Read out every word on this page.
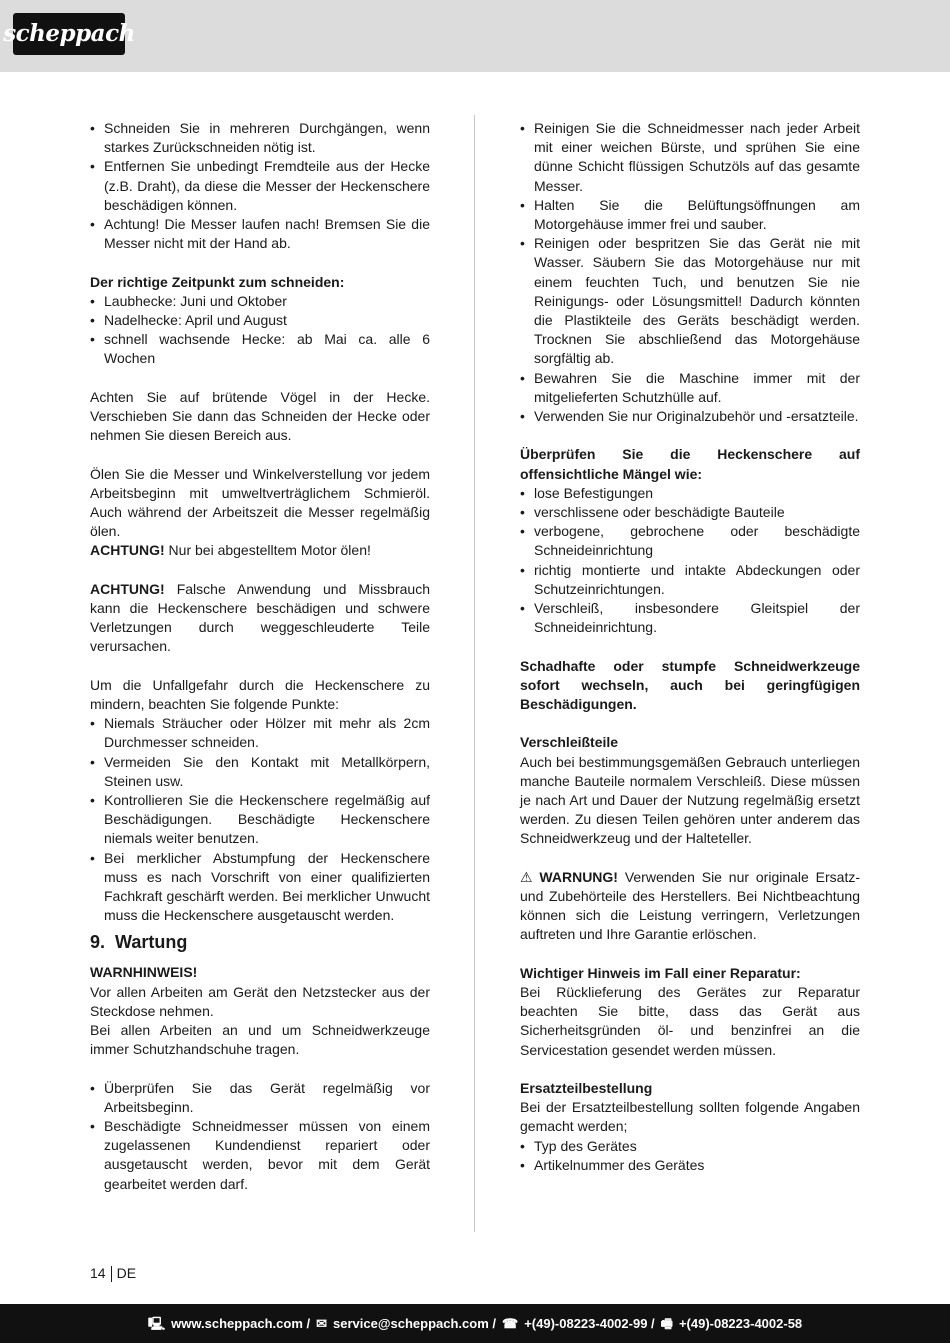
scheppach
• Schneiden Sie in mehreren Durchgängen, wenn starkes Zurückschneiden nötig ist.
• Entfernen Sie unbedingt Fremdteile aus der Hecke (z.B. Draht), da diese die Messer der Heckenschere beschädigen können.
• Achtung! Die Messer laufen nach! Bremsen Sie die Messer nicht mit der Hand ab.

Der richtige Zeitpunkt zum schneiden:

• Laubhecke: Juni und Oktober
• Nadelhecke: April und August
• schnell wachsende Hecke: ab Mai ca. alle 6 Wochen

Achten Sie auf brütende Vögel in der Hecke. Verschieben Sie dann das Schneiden der Hecke oder nehmen Sie diesen Bereich aus.

Ölen Sie die Messer und Winkelverstellung vor jedem Arbeitsbeginn mit umweltverträglichem Schmieröl. Auch während der Arbeitszeit die Messer regelmäßig ölen.

ACHTUNG! Nur bei abgestelltem Motor ölen!

ACHTUNG! Falsche Anwendung und Missbrauch kann die Heckenschere beschädigen und schwere Verletzungen durch weggeschleuderte Teile verursachen.

Um die Unfallgefahr durch die Heckenschere zu mindern, beachten Sie folgende Punkte:

• Niemals Sträucher oder Hölzer mit mehr als 2cm Durchmesser schneiden.
• Vermeiden Sie den Kontakt mit Metallkörpern, Steinen usw.
• Kontrollieren Sie die Heckenschere regelmäßig auf Beschädigungen. Beschädigte Heckenschere niemals weiter benutzen.
• Bei merklicher Abstumpfung der Heckenschere muss es nach Vorschrift von einer qualifizierten Fachkraft geschärft werden. Bei merklicher Unwucht muss die Heckenschere ausgetauscht werden.
9. Wartung

WARNHINWEIS!

Vor allen Arbeiten am Gerät den Netzstecker aus der Steckdose nehmen.

Bei allen Arbeiten an und um Schneidwerkzeuge immer Schutzhandschuhe tragen.

• Überprüfen Sie das Gerät regelmäßig vor Arbeitsbeginn.
• Beschädigte Schneidmesser müssen von einem zugelassenen Kundendienst repariert oder ausgetauscht werden, bevor mit dem Gerät gearbeitet werden darf.
• Reinigen Sie die Schneidmesser nach jeder Arbeit mit einer weichen Bürste, und sprühen Sie eine dünne Schicht flüssigen Schutzöls auf das gesamte Messer.
• Halten Sie die Belüftungsöffnungen am Motorgehäuse immer frei und sauber.
• Reinigen oder bespritzen Sie das Gerät nie mit Wasser. Säubern Sie das Motorgehäuse nur mit einem feuchten Tuch, und benutzen Sie nie Reinigungs- oder Lösungsmittel! Dadurch könnten die Plastikteile des Geräts beschädigt werden. Trocknen Sie abschließend das Motorgehäuse sorgfältig ab.
• Bewahren Sie die Maschine immer mit der mitgelieferten Schutzhülle auf.
• Verwenden Sie nur Originalzubehör und -ersatzteile.

Überprüfen Sie die Heckenschere auf offensichtliche Mängel wie:

• lose Befestigungen
• verschlissene oder beschädigte Bauteile
• verbogene, gebrochene oder beschädigte Schneideinrichtung
• richtig montierte und intakte Abdeckungen oder Schutzeinrichtungen.
• Verschleiß, insbesondere Gleitspiel der Schneideinrichtung.

Schadhafte oder stumpfe Schneidwerkzeuge sofort wechseln, auch bei geringfügigen Beschädigungen.

Verschleißteile

Auch bei bestimmungsgemäßen Gebrauch unterliegen manche Bauteile normalem Verschleiß. Diese müssen je nach Art und Dauer der Nutzung regelmäßig ersetzt werden. Zu diesen Teilen gehören unter anderem das Schneidwerkzeug und der Halteteller.

⚠ WARNUNG! Verwenden Sie nur originale Ersatz- und Zubehörteile des Herstellers. Bei Nichtbeachtung können sich die Leistung verringern, Verletzungen auftreten und Ihre Garantie erlöschen.

Wichtiger Hinweis im Fall einer Reparatur:

Bei Rücklieferung des Gerätes zur Reparatur beachten Sie bitte, dass das Gerät aus Sicherheitsgründen öl- und benzinfrei an die Servicestation gesendet werden müssen.

Ersatzteilbestellung

Bei der Ersatzteilbestellung sollten folgende Angaben gemacht werden;

• Typ des Gerätes
• Artikelnummer des Gerätes
14 DE
🖳 www.scheppach.com / ✉ service@scheppach.com / ☎ +(49)-08223-4002-99 / 🖷 +(49)-08223-4002-58
